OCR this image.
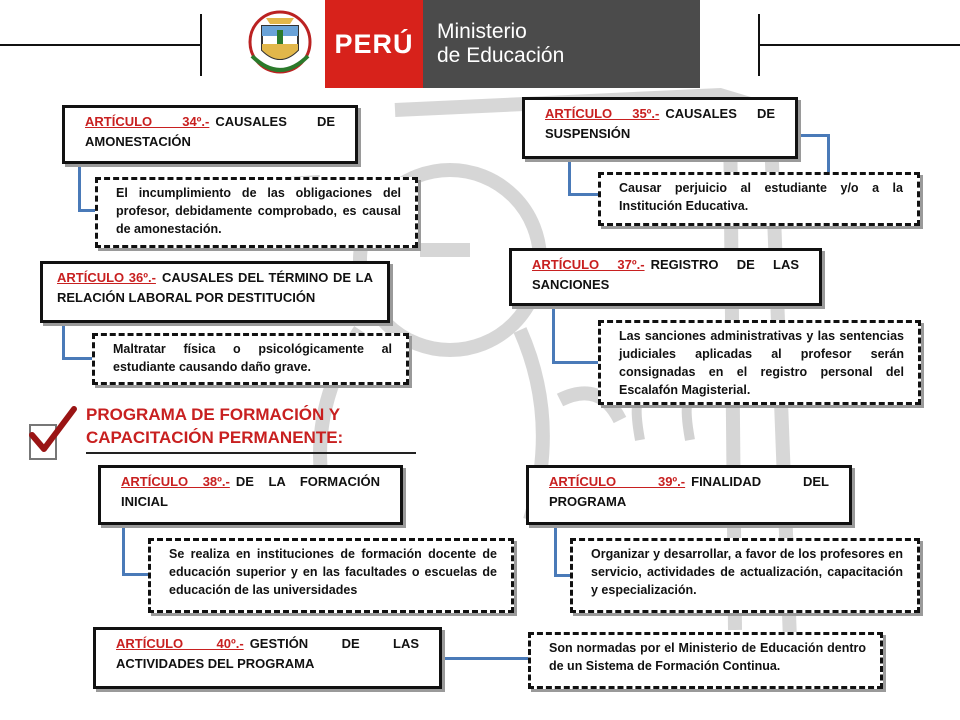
PERÚ	Ministerio
de Educación
ARTÍCULO 34º.- CAUSALES DE AMONESTACIÓN
El incumplimiento de las obligaciones del profesor, debidamente comprobado, es causal de amonestación.
ARTÍCULO 35º.- CAUSALES DE SUSPENSIÓN
Causar perjuicio al estudiante y/o a la Institución Educativa.
ARTÍCULO 36º.- CAUSALES DEL TÉRMINO DE LA RELACIÓN LABORAL POR DESTITUCIÓN
Maltratar física o psicológicamente al estudiante causando daño grave.
ARTÍCULO 37º.- REGISTRO DE LAS SANCIONES
Las sanciones administrativas y las sentencias judiciales aplicadas al profesor serán consignadas en el registro personal del Escalafón Magisterial.
PROGRAMA DE FORMACIÓN Y
CAPACITACIÓN PERMANENTE:
ARTÍCULO 38º.- DE LA FORMACIÓN INICIAL
Se realiza en instituciones de formación docente de educación superior y en las facultades o escuelas de educación de las universidades
ARTÍCULO 39º.- FINALIDAD DEL PROGRAMA
Organizar y desarrollar, a favor de los profesores en servicio, actividades de actualización, capacitación y especialización.
ARTÍCULO 40º.- GESTIÓN DE LAS ACTIVIDADES DEL PROGRAMA
Son normadas por el Ministerio de Educación dentro de un Sistema de Formación Continua.
